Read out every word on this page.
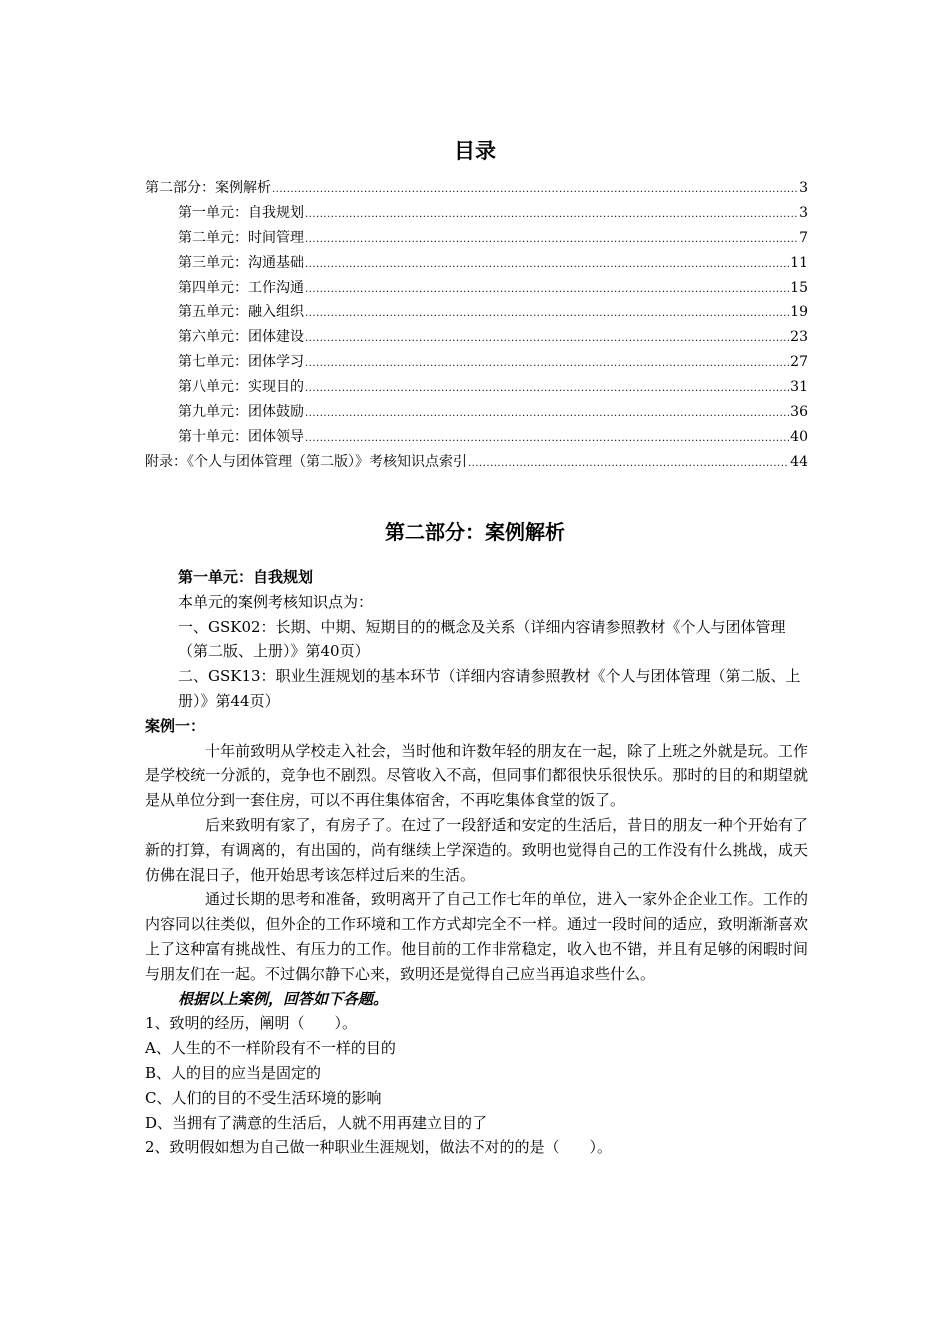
目录
第二部分：案例解析 .....	3
第一单元：自我规划 .....	3
第二单元：时间管理 .....	7
第三单元：沟通基础 .....	11
第四单元：工作沟通 .....	15
第五单元：融入组织 .....	19
第六单元：团体建设 .....	23
第七单元：团体学习 .....	27
第八单元：实现目的 .....	31
第九单元：团体鼓励 .....	36
第十单元：团体领导 .....	40
附录：《个人与团体管理（第二版）》考核知识点索引 .....	44
第二部分：案例解析

第一单元：自我规划

本单元的案例考核知识点为：

一、GSK02：长期、中期、短期目的的概念及关系（详细内容请参照教材《个人与团体管理（第二版、上册）》第40页）

二、GSK13：职业生涯规划的基本环节（详细内容请参照教材《个人与团体管理（第二版、上册）》第44页）

案例一：

十年前致明从学校走入社会，当时他和许数年轻的朋友在一起，除了上班之外就是玩。工作是学校统一分派的，竞争也不剧烈。尽管收入不高，但同事们都很快乐很快乐。那时的目的和期望就是从单位分到一套住房，可以不再住集体宿舍，不再吃集体食堂的饭了。

后来致明有家了，有房子了。在过了一段舒适和安定的生活后，昔日的朋友一种个开始有了新的打算，有调离的，有出国的，尚有继续上学深造的。致明也觉得自己的工作没有什么挑战，成天仿佛在混日子，他开始思考该怎样过后来的生活。

通过长期的思考和准备，致明离开了自己工作七年的单位，进入一家外企企业工作。工作的内容同以往类似，但外企的工作环境和工作方式却完全不一样。通过一段时间的适应，致明渐渐喜欢上了这种富有挑战性、有压力的工作。他目前的工作非常稳定，收入也不错，并且有足够的闲暇时间与朋友们在一起。不过偶尔静下心来，致明还是觉得自己应当再追求些什么。

根据以上案例，回答如下各题。

1、致明的经历，阐明（　　）。

A、人生的不一样阶段有不一样的目的

B、人的目的应当是固定的

C、人们的目的不受生活环境的影响

D、当拥有了满意的生活后，人就不用再建立目的了

2、致明假如想为自己做一种职业生涯规划，做法不对的的是（　　）。
